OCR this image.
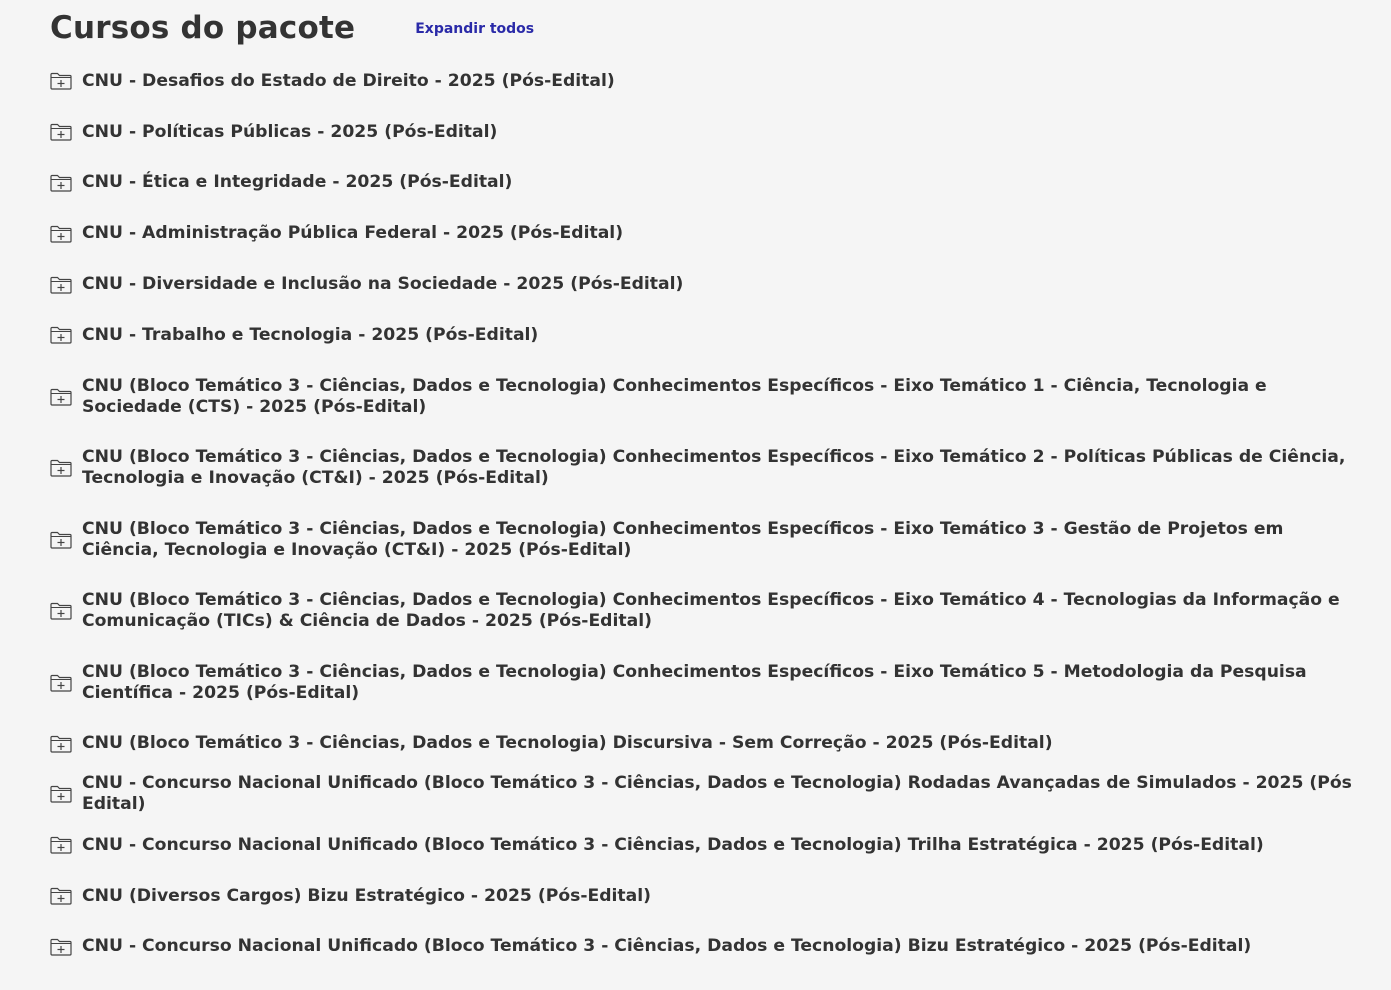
Cursos do pacote	Expandir todos
CNU - Desafios do Estado de Direito - 2025 (Pós-Edital)
CNU - Políticas Públicas - 2025 (Pós-Edital)
CNU - Ética e Integridade - 2025 (Pós-Edital)
CNU - Administração Pública Federal - 2025 (Pós-Edital)
CNU - Diversidade e Inclusão na Sociedade - 2025 (Pós-Edital)
CNU - Trabalho e Tecnologia - 2025 (Pós-Edital)
CNU (Bloco Temático 3 - Ciências, Dados e Tecnologia) Conhecimentos Específicos - Eixo Temático 1 - Ciência, Tecnologia e Sociedade (CTS) - 2025 (Pós-Edital)
CNU (Bloco Temático 3 - Ciências, Dados e Tecnologia) Conhecimentos Específicos - Eixo Temático 2 - Políticas Públicas de Ciência, Tecnologia e Inovação (CT&I) - 2025 (Pós-Edital)
CNU (Bloco Temático 3 - Ciências, Dados e Tecnologia) Conhecimentos Específicos - Eixo Temático 3 - Gestão de Projetos em Ciência, Tecnologia e Inovação (CT&I) - 2025 (Pós-Edital)
CNU (Bloco Temático 3 - Ciências, Dados e Tecnologia) Conhecimentos Específicos - Eixo Temático 4 - Tecnologias da Informação e Comunicação (TICs) & Ciência de Dados - 2025 (Pós-Edital)
CNU (Bloco Temático 3 - Ciências, Dados e Tecnologia) Conhecimentos Específicos - Eixo Temático 5 - Metodologia da Pesquisa Científica - 2025 (Pós-Edital)
CNU (Bloco Temático 3 - Ciências, Dados e Tecnologia) Discursiva - Sem Correção - 2025 (Pós-Edital)
CNU - Concurso Nacional Unificado (Bloco Temático 3 - Ciências, Dados e Tecnologia) Rodadas Avançadas de Simulados - 2025 (Pós Edital)
CNU - Concurso Nacional Unificado (Bloco Temático 3 - Ciências, Dados e Tecnologia) Trilha Estratégica - 2025 (Pós-Edital)
CNU (Diversos Cargos) Bizu Estratégico - 2025 (Pós-Edital)
CNU - Concurso Nacional Unificado (Bloco Temático 3 - Ciências, Dados e Tecnologia) Bizu Estratégico - 2025 (Pós-Edital)
